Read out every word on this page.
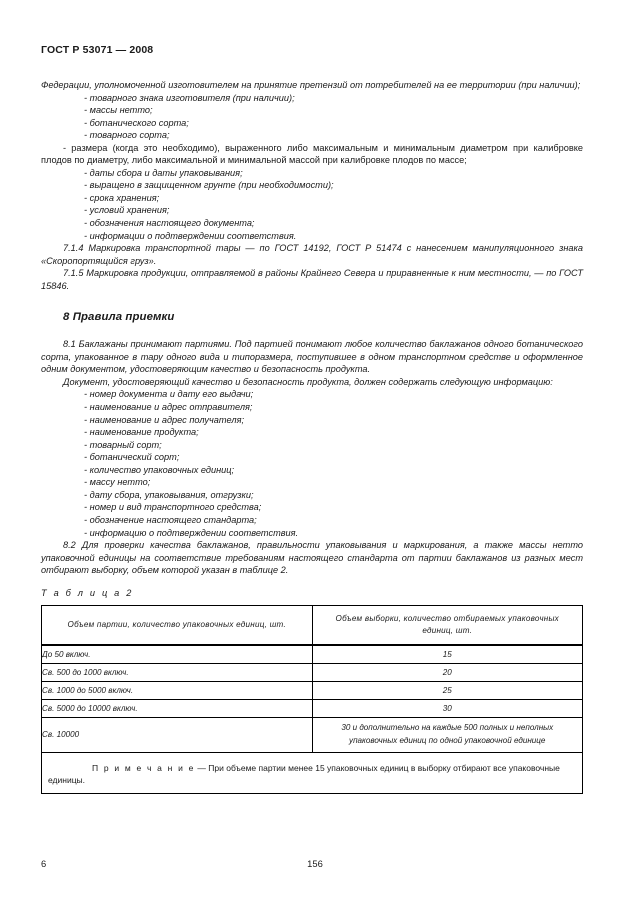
ГОСТ Р 53071 — 2008

Федерации, уполномоченной изготовителем на принятие претензий от потребителей на ее территории (при наличии);

- товарного знака изготовителя (при наличии);

- массы нетто;

- ботанического сорта;

- товарного сорта;

- размера (когда это необходимо), выраженного либо максимальным и минимальным диаметром при калибровке плодов по диаметру, либо максимальной и минимальной массой при калибровке плодов по массе;

- даты сбора и даты упаковывания;

- выращено в защищенном грунте (при необходимости);

- срока хранения;

- условий хранения;

- обозначения настоящего документа;

- информации о подтверждении соответствия.

7.1.4 Маркировка транспортной тары — по ГОСТ 14192, ГОСТ Р 51474 с нанесением манипуляционного знака «Скоропортящийся груз».

7.1.5 Маркировка продукции, отправляемой в районы Крайнего Севера и приравненные к ним местности, — по ГОСТ 15846.

8 Правила приемки

8.1 Баклажаны принимают партиями. Под партией понимают любое количество баклажанов одного ботанического сорта, упакованное в тару одного вида и типоразмера, поступившее в одном транспортном средстве и оформленное одним документом, удостоверяющим качество и безопасность продукта.

Документ, удостоверяющий качество и безопасность продукта, должен содержать следующую информацию:

- номер документа и дату его выдачи;

- наименование и адрес отправителя;

- наименование и адрес получателя;

- наименование продукта;

- товарный сорт;

- ботанический сорт;

- количество упаковочных единиц;

- массу нетто;

- дату сбора, упаковывания, отгрузки;

- номер и вид транспортного средства;

- обозначение настоящего стандарта;

- информацию о подтверждении соответствия.

8.2 Для проверки качества баклажанов, правильности упаковывания и маркирования, а также массы нетто упаковочной единицы на соответствие требованиям настоящего стандарта от партии баклажанов из разных мест отбирают выборку, объем которой указан в таблице 2.

Т а б л и ц а 2

Объем партии, количество упаковочных единиц, шт.	Объем выборки, количество отбираемых упаковочных единиц, шт.
До 50 включ.	15
Св. 500 до 1000 включ.	20
Св. 1000 до 5000 включ.	25
Св. 5000 до 10000 включ.	30
Св. 10000	30 и дополнительно на каждые 500 полных и неполных упаковочных единиц по одной упаковочной единице
П р и м е ч а н и е — При объеме партии менее 15 упаковочных единиц в выборку отбирают все упаковочные единицы.	
6	156
